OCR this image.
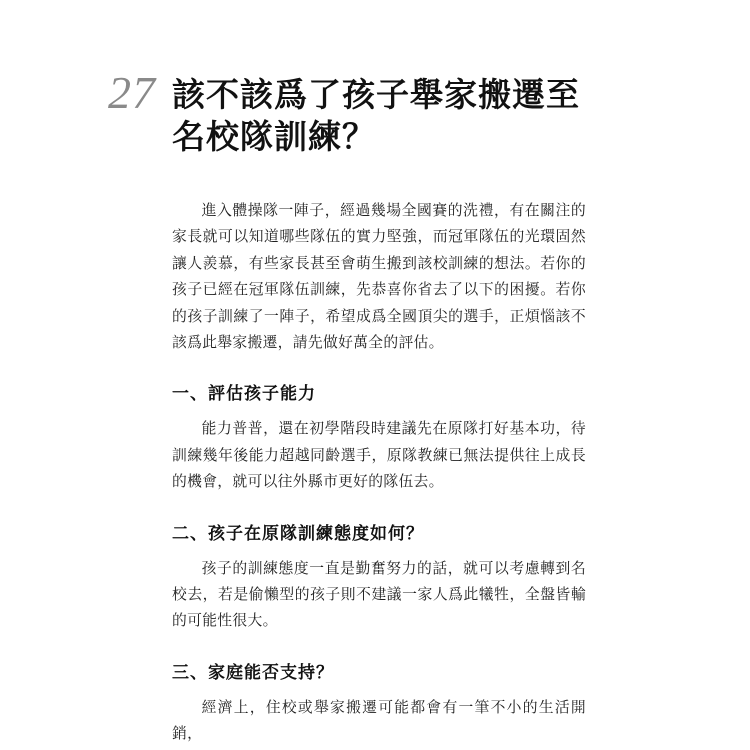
27 該不該爲了孩子舉家搬遷至
名校隊訓練？

進入體操隊一陣子，經過幾場全國賽的洗禮，有在關注的家長就可以知道哪些隊伍的實力堅強，而冠軍隊伍的光環固然讓人羨慕，有些家長甚至會萌生搬到該校訓練的想法。若你的孩子已經在冠軍隊伍訓練，先恭喜你省去了以下的困擾。若你的孩子訓練了一陣子，希望成爲全國頂尖的選手，正煩惱該不該爲此舉家搬遷，請先做好萬全的評估。

一、評估孩子能力

能力普普，還在初學階段時建議先在原隊打好基本功，待訓練幾年後能力超越同齡選手，原隊教練已無法提供往上成長的機會，就可以往外縣市更好的隊伍去。

二、孩子在原隊訓練態度如何？

孩子的訓練態度一直是勤奮努力的話，就可以考慮轉到名校去，若是偷懶型的孩子則不建議一家人爲此犧牲，全盤皆輸的可能性很大。

三、家庭能否支持？

經濟上，住校或舉家搬遷可能都會有一筆不小的生活開銷，
